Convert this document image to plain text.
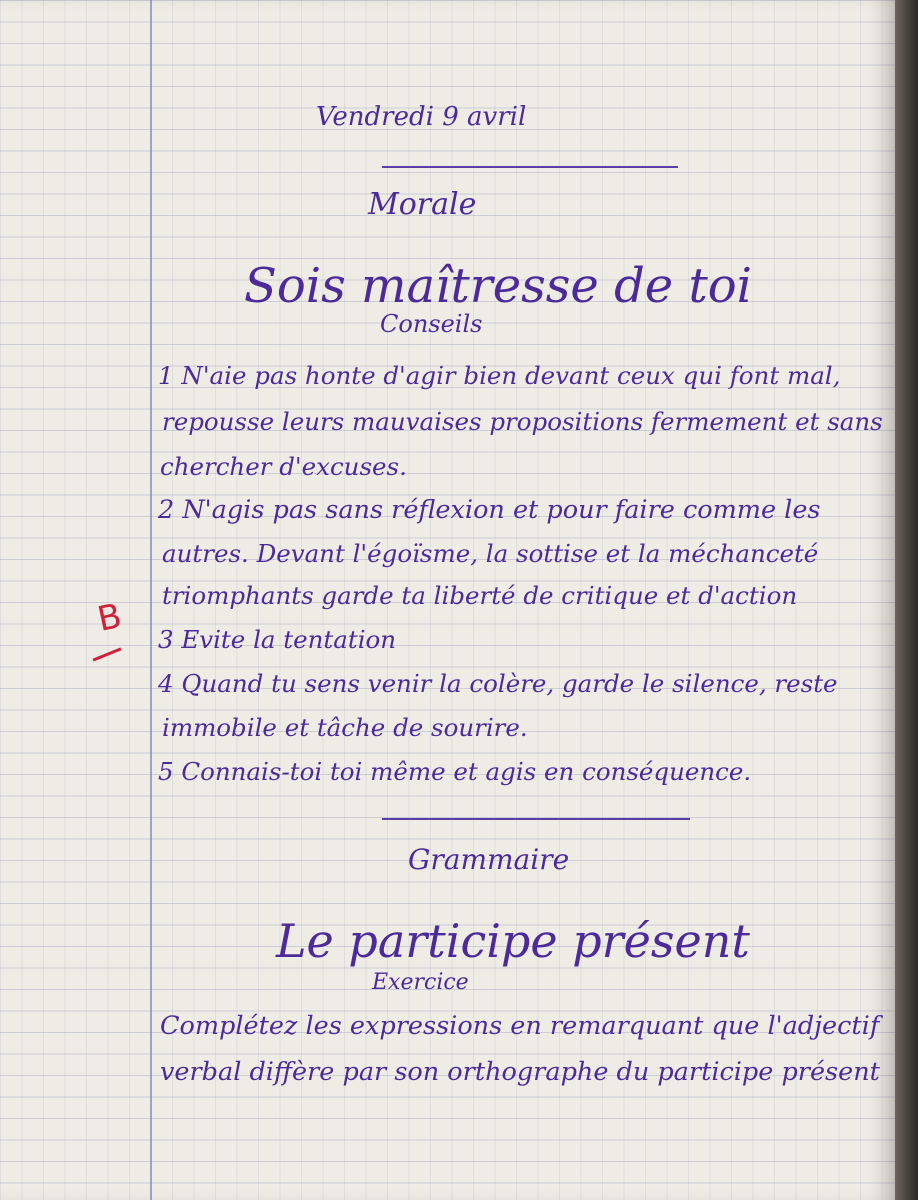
Vendredi 9 avril
Morale
Sois maîtresse de toi
Conseils
1 N'aie pas honte d'agir bien devant ceux qui font mal,
repousse leurs mauvaises propositions fermement et sans
chercher d'excuses.
2 N'agis pas sans réflexion et pour faire comme les
autres. Devant l'égoïsme, la sottise et la méchanceté
triomphants garde ta liberté de critique et d'action
3 Evite la tentation
4 Quand tu sens venir la colère, garde le silence, reste
immobile et tâche de sourire.
5 Connais-toi toi même et agis en conséquence.
Grammaire
Le participe présent
Exercice
Complétez les expressions en remarquant que l'adjectif
verbal diffère par son orthographe du participe présent
B
